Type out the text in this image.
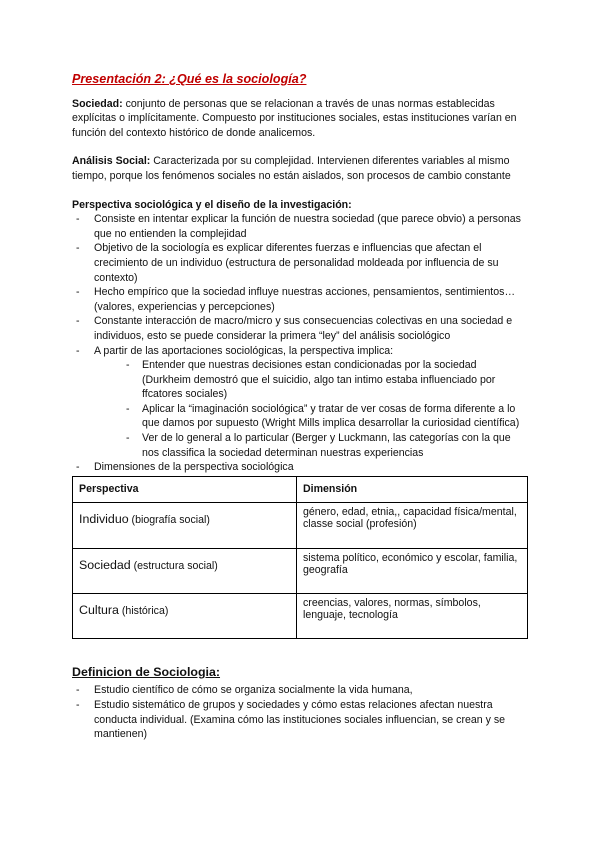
Presentación 2: ¿Qué es la sociología?

Sociedad: conjunto de personas que se relacionan a través de unas normas establecidas explícitas o implícitamente. Compuesto por instituciones sociales, estas instituciones varían en función del contexto histórico de donde analicemos.

Análisis Social: Caracterizada por su complejidad. Intervienen diferentes variables al mismo tiempo, porque los fenómenos sociales no están aislados, son procesos de cambio constante

Perspectiva sociológica y el diseño de la investigación:
- Consiste en intentar explicar la función de nuestra sociedad (que parece obvio) a personas que no entienden la complejidad
- Objetivo de la sociología es explicar diferentes fuerzas e influencias que afectan el crecimiento de un individuo (estructura de personalidad moldeada por influencia de su contexto)
- Hecho empírico que la sociedad influye nuestras acciones, pensamientos, sentimientos… (valores, experiencias y percepciones)
- Constante interacción de macro/micro y sus consecuencias colectivas en una sociedad e individuos, esto se puede considerar la primera “ley” del análisis sociológico
- A partir de las aportaciones sociológicas, la perspectiva implica:
- Entender que nuestras decisiones estan condicionadas por la sociedad (Durkheim demostró que el suicidio, algo tan intimo estaba influenciado por ffcatores sociales)
- Aplicar la “imaginación sociológica” y tratar de ver cosas de forma diferente a lo que damos por supuesto (Wright Mills implica desarrollar la curiosidad científica)
- Ver de lo general a lo particular (Berger y Luckmann, las categorías con la que nos classifica la sociedad determinan nuestras experiencias
- Dimensiones de la perspectiva sociológica
Perspectiva	Dimensión
Individuo (biografía social)	género, edad, etnia,, capacidad física/mental, classe social (profesión)
Sociedad (estructura social)	sistema político, económico y escolar, familia, geografía
Cultura (histórica)	creencias, valores, normas, símbolos, lenguaje, tecnología
Definicion de Sociologia:
- Estudio científico de cómo se organiza socialmente la vida humana,
- Estudio sistemático de grupos y sociedades y cómo estas relaciones afectan nuestra conducta individual. (Examina cómo las instituciones sociales influencian, se crean y se mantienen)
